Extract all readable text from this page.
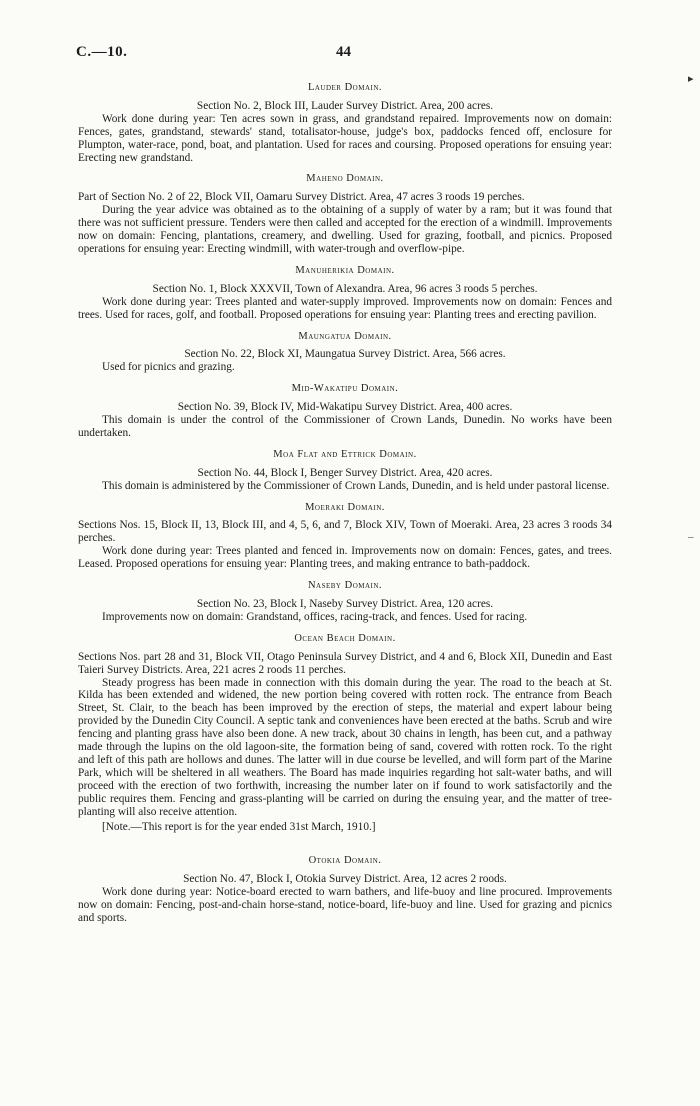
C.—10.	44
▸
–
Lauder Domain.
Section No. 2, Block III, Lauder Survey District. Area, 200 acres.

Work done during year: Ten acres sown in grass, and grandstand repaired. Improvements now on domain: Fences, gates, grandstand, stewards' stand, totalisator-house, judge's box, paddocks fenced off, enclosure for Plumpton, water-race, pond, boat, and plantation. Used for races and coursing. Proposed operations for ensuing year: Erecting new grandstand.

Maheno Domain.
Part of Section No. 2 of 22, Block VII, Oamaru Survey District. Area, 47 acres 3 roods 19 perches.

During the year advice was obtained as to the obtaining of a supply of water by a ram; but it was found that there was not sufficient pressure. Tenders were then called and accepted for the erection of a windmill. Improvements now on domain: Fencing, plantations, creamery, and dwelling. Used for grazing, football, and picnics. Proposed operations for ensuing year: Erecting windmill, with water-trough and overflow-pipe.

Manuherikia Domain.
Section No. 1, Block XXXVII, Town of Alexandra. Area, 96 acres 3 roods 5 perches.

Work done during year: Trees planted and water-supply improved. Improvements now on domain: Fences and trees. Used for races, golf, and football. Proposed operations for ensuing year: Planting trees and erecting pavilion.

Maungatua Domain.
Section No. 22, Block XI, Maungatua Survey District. Area, 566 acres.

Used for picnics and grazing.

Mid-Wakatipu Domain.
Section No. 39, Block IV, Mid-Wakatipu Survey District. Area, 400 acres.

This domain is under the control of the Commissioner of Crown Lands, Dunedin. No works have been undertaken.

Moa Flat and Ettrick Domain.
Section No. 44, Block I, Benger Survey District. Area, 420 acres.

This domain is administered by the Commissioner of Crown Lands, Dunedin, and is held under pastoral license.

Moeraki Domain.
Sections Nos. 15, Block II, 13, Block III, and 4, 5, 6, and 7, Block XIV, Town of Moeraki. Area, 23 acres 3 roods 34 perches.

Work done during year: Trees planted and fenced in. Improvements now on domain: Fences, gates, and trees. Leased. Proposed operations for ensuing year: Planting trees, and making entrance to bath-paddock.

Naseby Domain.
Section No. 23, Block I, Naseby Survey District. Area, 120 acres.

Improvements now on domain: Grandstand, offices, racing-track, and fences. Used for racing.

Ocean Beach Domain.
Sections Nos. part 28 and 31, Block VII, Otago Peninsula Survey District, and 4 and 6, Block XII, Dunedin and East Taieri Survey Districts. Area, 221 acres 2 roods 11 perches.

Steady progress has been made in connection with this domain during the year. The road to the beach at St. Kilda has been extended and widened, the new portion being covered with rotten rock. The entrance from Beach Street, St. Clair, to the beach has been improved by the erection of steps, the material and expert labour being provided by the Dunedin City Council. A septic tank and conveniences have been erected at the baths. Scrub and wire fencing and planting grass have also been done. A new track, about 30 chains in length, has been cut, and a pathway made through the lupins on the old lagoon-site, the formation being of sand, covered with rotten rock. To the right and left of this path are hollows and dunes. The latter will in due course be levelled, and will form part of the Marine Park, which will be sheltered in all weathers. The Board has made inquiries regarding hot salt-water baths, and will proceed with the erection of two forthwith, increasing the number later on if found to work satisfactorily and the public requires them. Fencing and grass-planting will be carried on during the ensuing year, and the matter of tree-planting will also receive attention.

[Note.—This report is for the year ended 31st March, 1910.]

Otokia Domain.
Section No. 47, Block I, Otokia Survey District. Area, 12 acres 2 roods.

Work done during year: Notice-board erected to warn bathers, and life-buoy and line procured. Improvements now on domain: Fencing, post-and-chain horse-stand, notice-board, life-buoy and line. Used for grazing and picnics and sports.
